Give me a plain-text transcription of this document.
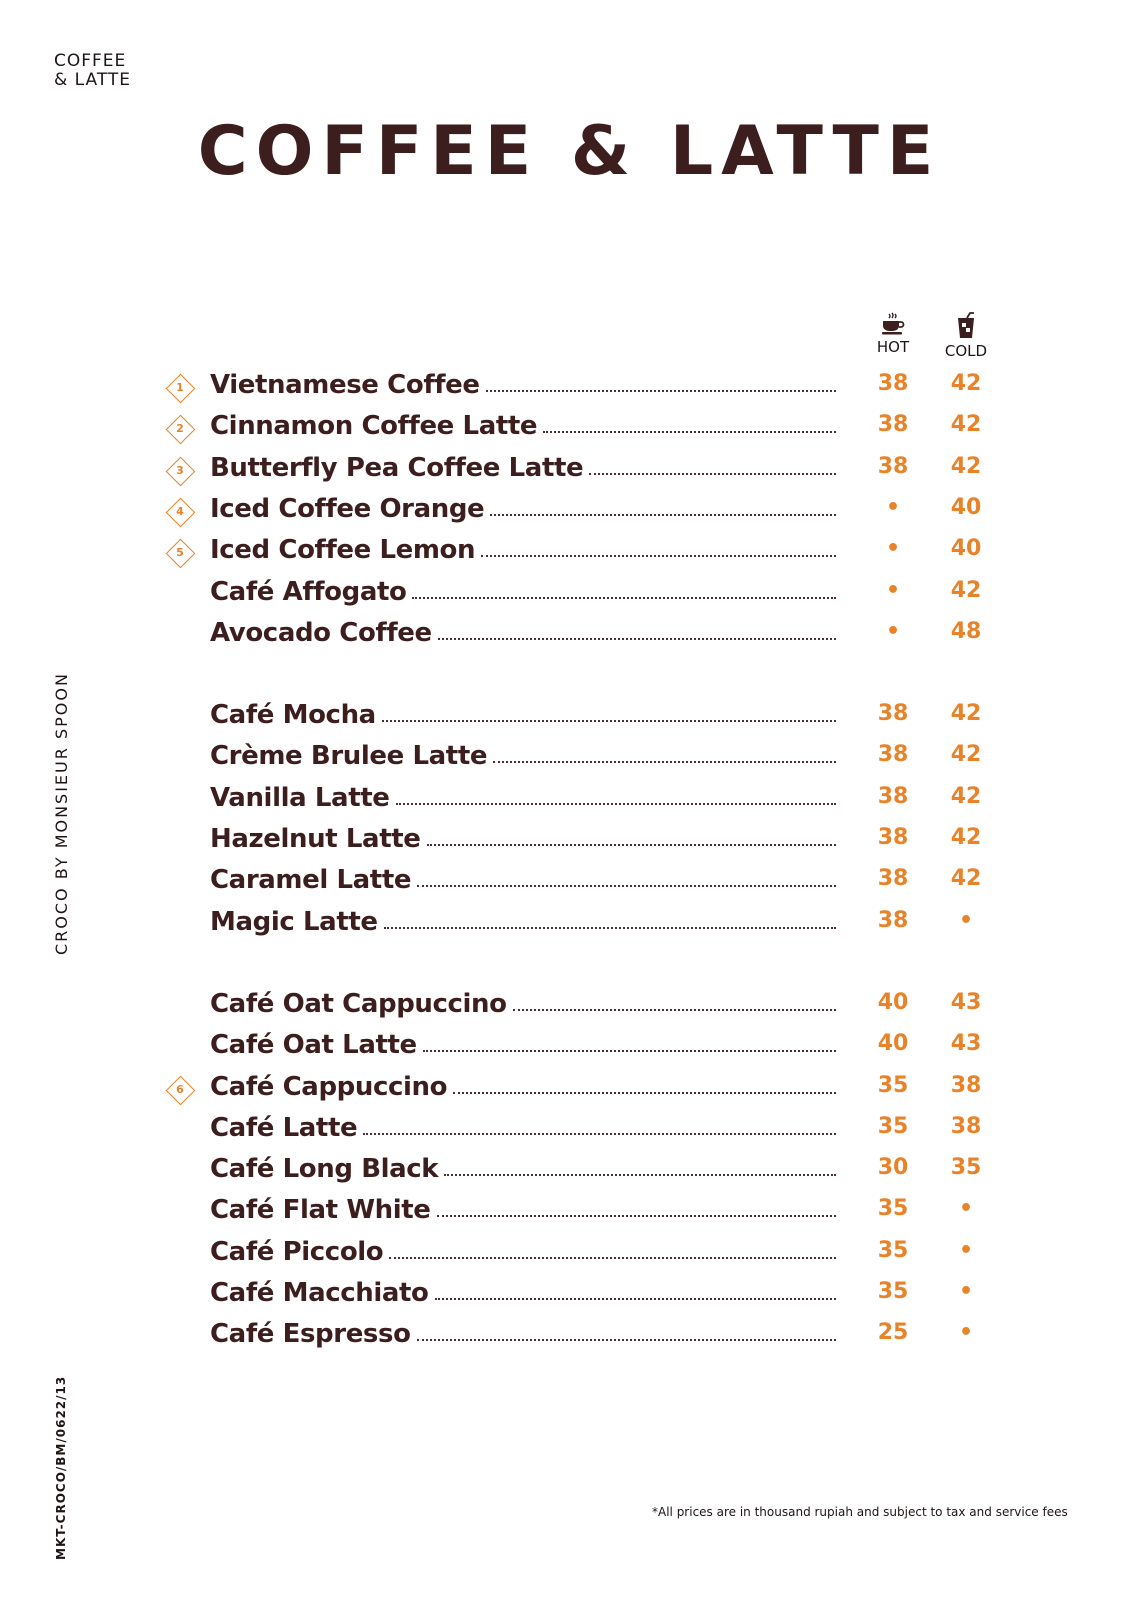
COFFEE
& LATTE
COFFEE & LATTE
CROCO BY MONSIEUR SPOON
MKT-CROCO/BM/0622/13
HOT	COLD
1	Vietnamese Coffee	38	42
2	Cinnamon Coffee Latte	38	42
3	Butterfly Pea Coffee Latte	38	42
4	Iced Coffee Orange	•	40
5	Iced Coffee Lemon	•	40
Café Affogato	•	42
Avocado Coffee	•	48
Café Mocha	38	42
Crème Brulee Latte	38	42
Vanilla Latte	38	42
Hazelnut Latte	38	42
Caramel Latte	38	42
Magic Latte	38	•
Café Oat Cappuccino	40	43
Café Oat Latte	40	43
6	Café Cappuccino	35	38
Café Latte	35	38
Café Long Black	30	35
Café Flat White	35	•
Café Piccolo	35	•
Café Macchiato	35	•
Café Espresso	25	•
*All prices are in thousand rupiah and subject to tax and service fees
